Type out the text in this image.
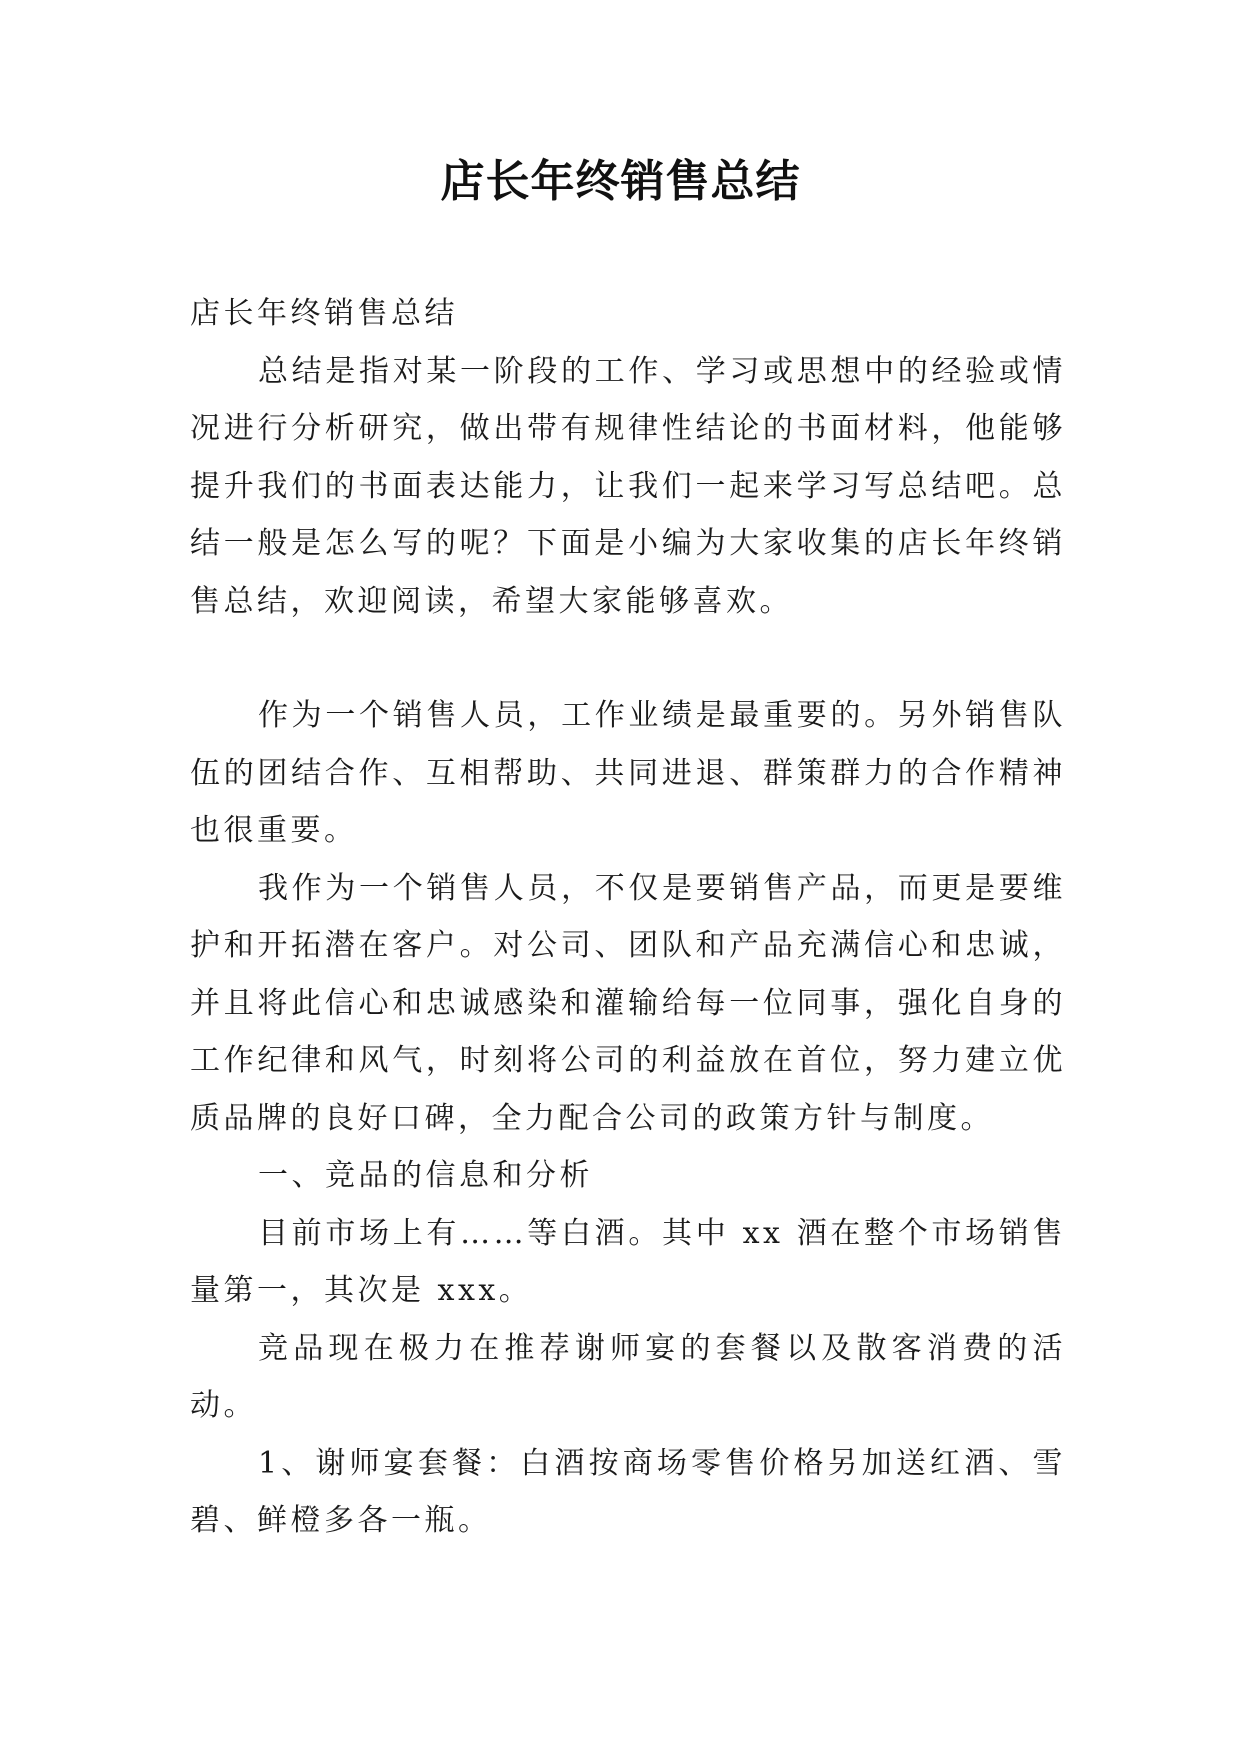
店长年终销售总结

店长年终销售总结

总结是指对某一阶段的工作、学习或思想中的经验或情况进行分析研究，做出带有规律性结论的书面材料，他能够提升我们的书面表达能力，让我们一起来学习写总结吧。总结一般是怎么写的呢？下面是小编为大家收集的店长年终销售总结，欢迎阅读，希望大家能够喜欢。

作为一个销售人员，工作业绩是最重要的。另外销售队伍的团结合作、互相帮助、共同进退、群策群力的合作精神也很重要。

我作为一个销售人员，不仅是要销售产品，而更是要维护和开拓潜在客户。对公司、团队和产品充满信心和忠诚，并且将此信心和忠诚感染和灌输给每一位同事，强化自身的工作纪律和风气，时刻将公司的利益放在首位，努力建立优质品牌的良好口碑，全力配合公司的政策方针与制度。

一、竞品的信息和分析

目前市场上有……等白酒。其中 xx 酒在整个市场销售量第一，其次是 xxx。

竞品现在极力在推荐谢师宴的套餐以及散客消费的活动。

1、谢师宴套餐：白酒按商场零售价格另加送红酒、雪碧、鲜橙多各一瓶。
